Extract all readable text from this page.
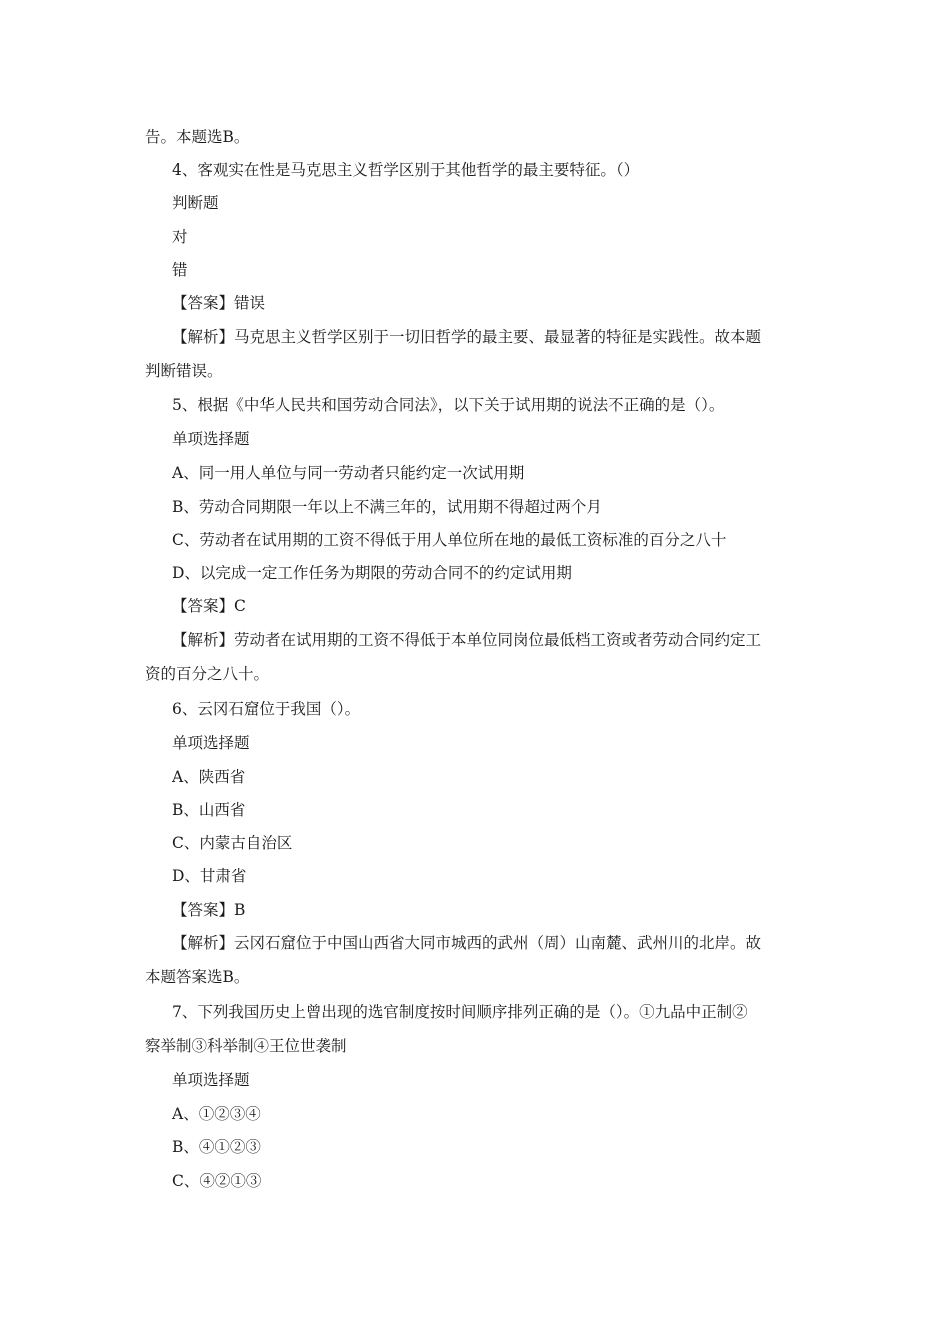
告。本题选B。
4、客观实在性是马克思主义哲学区别于其他哲学的最主要特征。（）
判断题
对
错
【答案】错误
【解析】马克思主义哲学区别于一切旧哲学的最主要、最显著的特征是实践性。故本题
判断错误。
5、根据《中华人民共和国劳动合同法》，以下关于试用期的说法不正确的是（）。
单项选择题
A、同一用人单位与同一劳动者只能约定一次试用期
B、劳动合同期限一年以上不满三年的，试用期不得超过两个月
C、劳动者在试用期的工资不得低于用人单位所在地的最低工资标准的百分之八十
D、以完成一定工作任务为期限的劳动合同不的约定试用期
【答案】C
【解析】劳动者在试用期的工资不得低于本单位同岗位最低档工资或者劳动合同约定工
资的百分之八十。
6、云冈石窟位于我国（）。
单项选择题
A、陕西省
B、山西省
C、内蒙古自治区
D、甘肃省
【答案】B
【解析】云冈石窟位于中国山西省大同市城西的武州（周）山南麓、武州川的北岸。故
本题答案选B。
7、下列我国历史上曾出现的选官制度按时间顺序排列正确的是（）。①九品中正制②
察举制③科举制④王位世袭制
单项选择题
A、①②③④
B、④①②③
C、④②①③
